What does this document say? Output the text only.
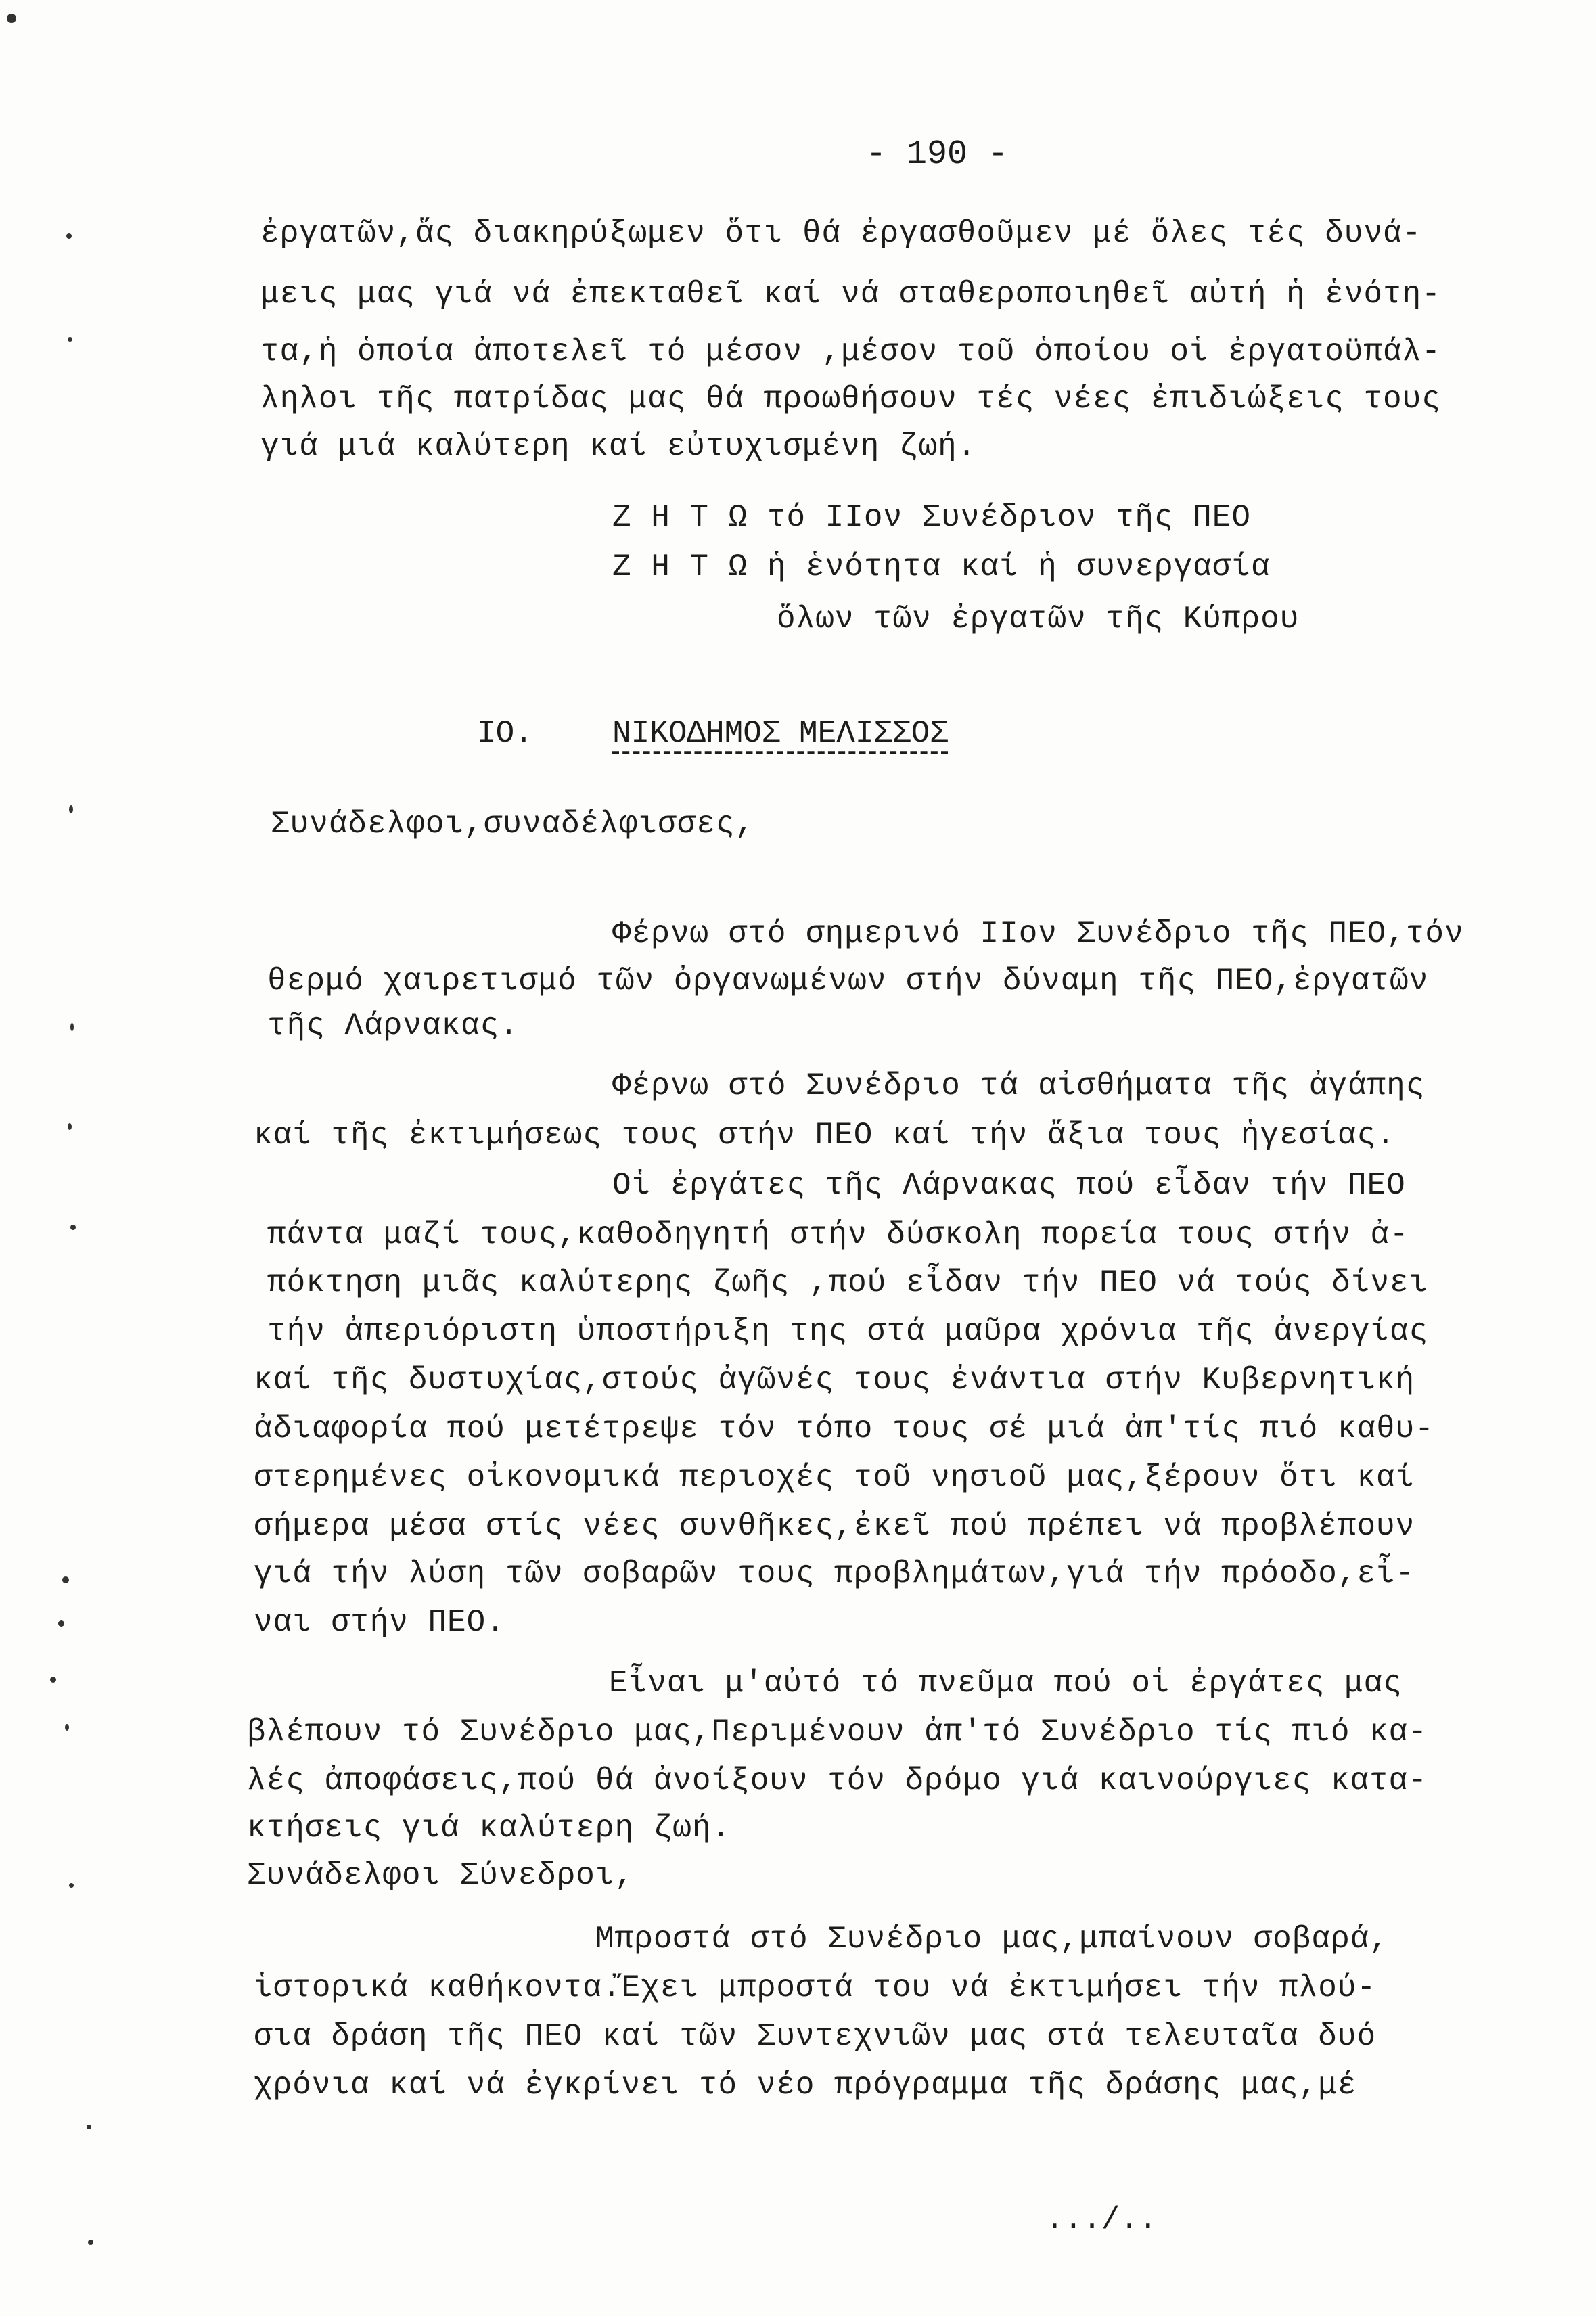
- 190 -
ἐργατῶν,ἅς διακηρύξωμεν ὅτι θά ἐργασθοῦμεν μέ ὅλες τές δυνά-
μεις μας γιά νά ἐπεκταθεῖ καί νά σταθεροποιηθεῖ αὐτή ἡ ἑνότη-
τα,ἡ ὁποία ἀποτελεῖ τό μέσον ,μέσον τοῦ ὁποίου οἱ ἐργατοϋπάλ-
ληλοι τῆς πατρίδας μας θά προωθήσουν τές νέες ἐπιδιώξεις τους
γιά μιά καλύτερη καί εὐτυχισμένη ζωή.
Ζ Η Τ Ω τό ΙΙον Συνέδριον τῆς ΠΕΟ
Ζ Η Τ Ω ἡ ἑνότητα καί ἡ συνεργασία
ὅλων τῶν ἐργατῶν τῆς Κύπρου
ΙΟ.	ΝΙΚΟΔΗΜΟΣ ΜΕΛΙΣΣΟΣ
Συνάδελφοι,συναδέλφισσες,
Φέρνω στό σημερινό ΙΙον Συνέδριο τῆς ΠΕΟ,τόν
θερμό χαιρετισμό τῶν ὀργανωμένων στήν δύναμη τῆς ΠΕΟ,ἐργατῶν
τῆς Λάρνακας.
Φέρνω στό Συνέδριο τά αἰσθήματα τῆς ἀγάπης
καί τῆς ἐκτιμήσεως τους στήν ΠΕΟ καί τήν ἄξια τους ἡγεσίας.
Οἱ ἐργάτες τῆς Λάρνακας πού εἶδαν τήν ΠΕΟ
πάντα μαζί τους,καθοδηγητή στήν δύσκολη πορεία τους στήν ἀ-
πόκτηση μιᾶς καλύτερης ζωῆς ,πού εἶδαν τήν ΠΕΟ νά τούς δίνει
τήν ἀπεριόριστη ὑποστήριξη της στά μαῦρα χρόνια τῆς ἀνεργίας
καί τῆς δυστυχίας,στούς ἀγῶνές τους ἐνάντια στήν Κυβερνητική
ἀδιαφορία πού μετέτρεψε τόν τόπο τους σέ μιά ἀπ'τίς πιό καθυ-
στερημένες οἰκονομικά περιοχές τοῦ νησιοῦ μας,ξέρουν ὅτι καί
σήμερα μέσα στίς νέες συνθῆκες,ἐκεῖ πού πρέπει νά προβλέπουν
γιά τήν λύση τῶν σοβαρῶν τους προβλημάτων,γιά τήν πρόοδο,εἶ-
ναι στήν ΠΕΟ.
Εἶναι μ'αὐτό τό πνεῦμα πού οἱ ἐργάτες μας
βλέπουν τό Συνέδριο μας,Περιμένουν ἀπ'τό Συνέδριο τίς πιό κα-
λές ἀποφάσεις,πού θά ἀνοίξουν τόν δρόμο γιά καινούργιες κατα-
κτήσεις γιά καλύτερη ζωή.
Συνάδελφοι Σύνεδροι,
Μπροστά στό Συνέδριο μας,μπαίνουν σοβαρά,
ἱστορικά καθήκοντα.Ἔχει μπροστά του νά ἐκτιμήσει τήν πλού-
σια δράση τῆς ΠΕΟ καί τῶν Συντεχνιῶν μας στά τελευταῖα δυό
χρόνια καί νά ἐγκρίνει τό νέο πρόγραμμα τῆς δράσης μας,μέ
.../..
